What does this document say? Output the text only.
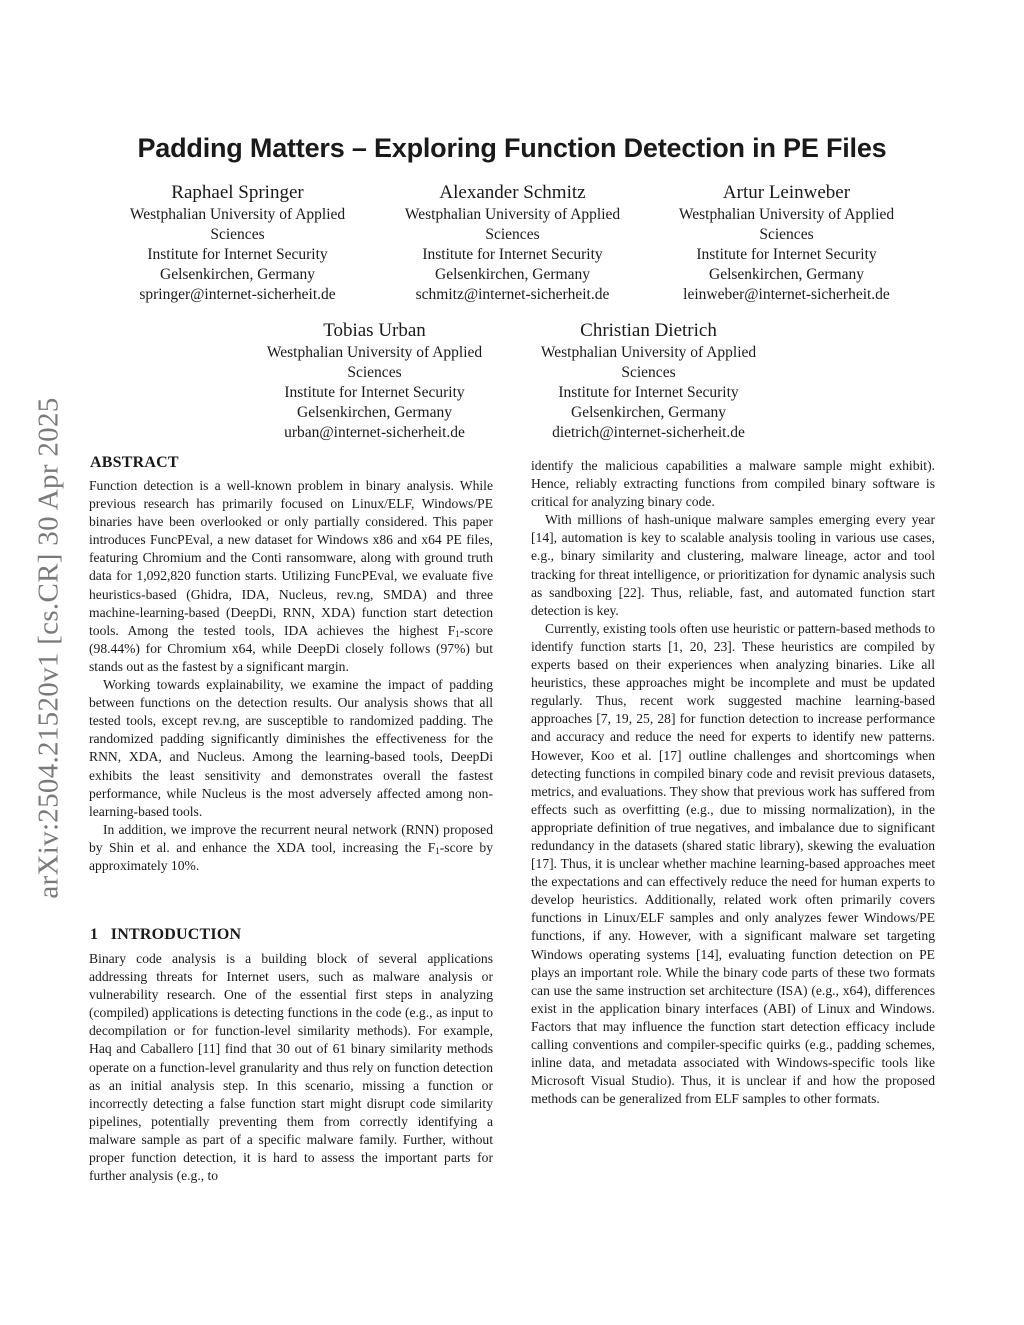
arXiv:2504.21520v1 [cs.CR] 30 Apr 2025
Padding Matters – Exploring Function Detection in PE Files
Raphael Springer
Westphalian University of Applied
Sciences
Institute for Internet Security
Gelsenkirchen, Germany
springer@internet-sicherheit.de
Alexander Schmitz
Westphalian University of Applied
Sciences
Institute for Internet Security
Gelsenkirchen, Germany
schmitz@internet-sicherheit.de
Artur Leinweber
Westphalian University of Applied
Sciences
Institute for Internet Security
Gelsenkirchen, Germany
leinweber@internet-sicherheit.de
Tobias Urban
Westphalian University of Applied
Sciences
Institute for Internet Security
Gelsenkirchen, Germany
urban@internet-sicherheit.de
Christian Dietrich
Westphalian University of Applied
Sciences
Institute for Internet Security
Gelsenkirchen, Germany
dietrich@internet-sicherheit.de
ABSTRACT

Function detection is a well-known problem in binary analysis. While previous research has primarily focused on Linux/ELF, Windows/PE binaries have been overlooked or only partially considered. This paper introduces FuncPEval, a new dataset for Windows x86 and x64 PE files, featuring Chromium and the Conti ransomware, along with ground truth data for 1,092,820 function starts. Utilizing FuncPEval, we evaluate five heuristics-based (Ghidra, IDA, Nucleus, rev.ng, SMDA) and three machine-learning-based (DeepDi, RNN, XDA) function start detection tools. Among the tested tools, IDA achieves the highest $F_1$-score (98.44%) for Chromium x64, while DeepDi closely follows (97%) but stands out as the fastest by a significant margin.

Working towards explainability, we examine the impact of padding between functions on the detection results. Our analysis shows that all tested tools, except rev.ng, are susceptible to randomized padding. The randomized padding significantly diminishes the effectiveness for the RNN, XDA, and Nucleus. Among the learning-based tools, DeepDi exhibits the least sensitivity and demonstrates overall the fastest performance, while Nucleus is the most adversely affected among non-learning-based tools.

In addition, we improve the recurrent neural network (RNN) proposed by Shin et al. and enhance the XDA tool, increasing the $F_1$-score by approximately 10%.

1   INTRODUCTION

Binary code analysis is a building block of several applications addressing threats for Internet users, such as malware analysis or vulnerability research. One of the essential first steps in analyzing (compiled) applications is detecting functions in the code (e.g., as input to decompilation or for function-level similarity methods). For example, Haq and Caballero [11] find that 30 out of 61 binary similarity methods operate on a function-level granularity and thus rely on function detection as an initial analysis step. In this scenario, missing a function or incorrectly detecting a false function start might disrupt code similarity pipelines, potentially preventing them from correctly identifying a malware sample as part of a specific malware family. Further, without proper function detection, it is hard to assess the important parts for further analysis (e.g., to

identify the malicious capabilities a malware sample might exhibit). Hence, reliably extracting functions from compiled binary software is critical for analyzing binary code.

With millions of hash-unique malware samples emerging every year [14], automation is key to scalable analysis tooling in various use cases, e.g., binary similarity and clustering, malware lineage, actor and tool tracking for threat intelligence, or prioritization for dynamic analysis such as sandboxing [22]. Thus, reliable, fast, and automated function start detection is key.

Currently, existing tools often use heuristic or pattern-based methods to identify function starts [1, 20, 23]. These heuristics are compiled by experts based on their experiences when analyzing binaries. Like all heuristics, these approaches might be incomplete and must be updated regularly. Thus, recent work suggested machine learning-based approaches [7, 19, 25, 28] for function detection to increase performance and accuracy and reduce the need for experts to identify new patterns. However, Koo et al. [17] outline challenges and shortcomings when detecting functions in compiled binary code and revisit previous datasets, metrics, and evaluations. They show that previous work has suffered from effects such as overfitting (e.g., due to missing normalization), in the appropriate definition of true negatives, and imbalance due to significant redundancy in the datasets (shared static library), skewing the evaluation [17]. Thus, it is unclear whether machine learning-based approaches meet the expectations and can effectively reduce the need for human experts to develop heuristics. Additionally, related work often primarily covers functions in Linux/ELF samples and only analyzes fewer Windows/PE functions, if any. However, with a significant malware set targeting Windows operating systems [14], evaluating function detection on PE plays an important role. While the binary code parts of these two formats can use the same instruction set architecture (ISA) (e.g., x64), differences exist in the application binary interfaces (ABI) of Linux and Windows. Factors that may influence the function start detection efficacy include calling conventions and compiler-specific quirks (e.g., padding schemes, inline data, and metadata associated with Windows-specific tools like Microsoft Visual Studio). Thus, it is unclear if and how the proposed methods can be generalized from ELF samples to other formats.
